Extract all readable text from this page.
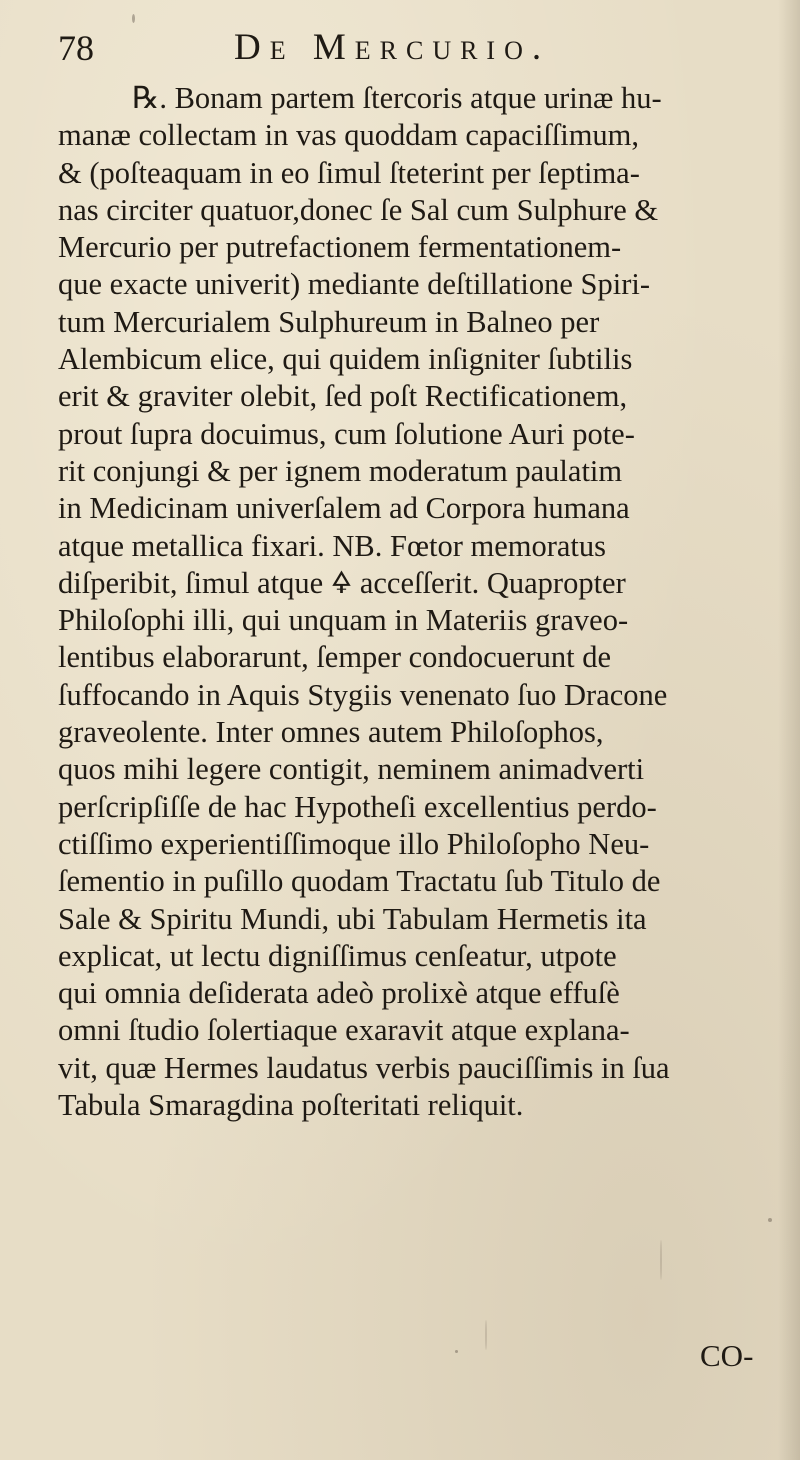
78	De Mercurio.
℞. Bonam partem ſtercoris atque urinæ hu-
manæ collectam in vas quoddam capaciſſimum,
& (poſteaquam in eo ſimul ſteterint per ſeptima-
nas circiter quatuor,donec ſe Sal cum Sulphure &
Mercurio per putrefactionem fermentationem-
que exacte univerit) mediante deſtillatione Spiri-
tum Mercurialem Sulphureum in Balneo per
Alembicum elice, qui quidem inſigniter ſubtilis
erit & graviter olebit, ſed poſt Rectificationem,
prout ſupra docuimus, cum ſolutione Auri pote-
rit conjungi & per ignem moderatum paulatim
in Medicinam univerſalem ad Corpora humana
atque metallica fixari. NB. Fœtor memoratus
diſperibit, ſimul atque 🜍 acceſſerit. Quapropter
Philoſophi illi, qui unquam in Materiis graveo-
lentibus elaborarunt, ſemper condocuerunt de
ſuffocando in Aquis Stygiis venenato ſuo Dracone
graveolente. Inter omnes autem Philoſophos,
quos mihi legere contigit, neminem animadverti
perſcripſiſſe de hac Hypotheſi excellentius perdo-
ctiſſimo experientiſſimoque illo Philoſopho Neu-
ſementio in puſillo quodam Tractatu ſub Titulo de
Sale & Spiritu Mundi, ubi Tabulam Hermetis ita
explicat, ut lectu digniſſimus cenſeatur, utpote
qui omnia deſiderata adeò prolixè atque effuſè
omni ſtudio ſolertiaque exaravit atque explana-
vit, quæ Hermes laudatus verbis pauciſſimis in ſua
Tabula Smaragdina poſteritati reliquit.
CO-
